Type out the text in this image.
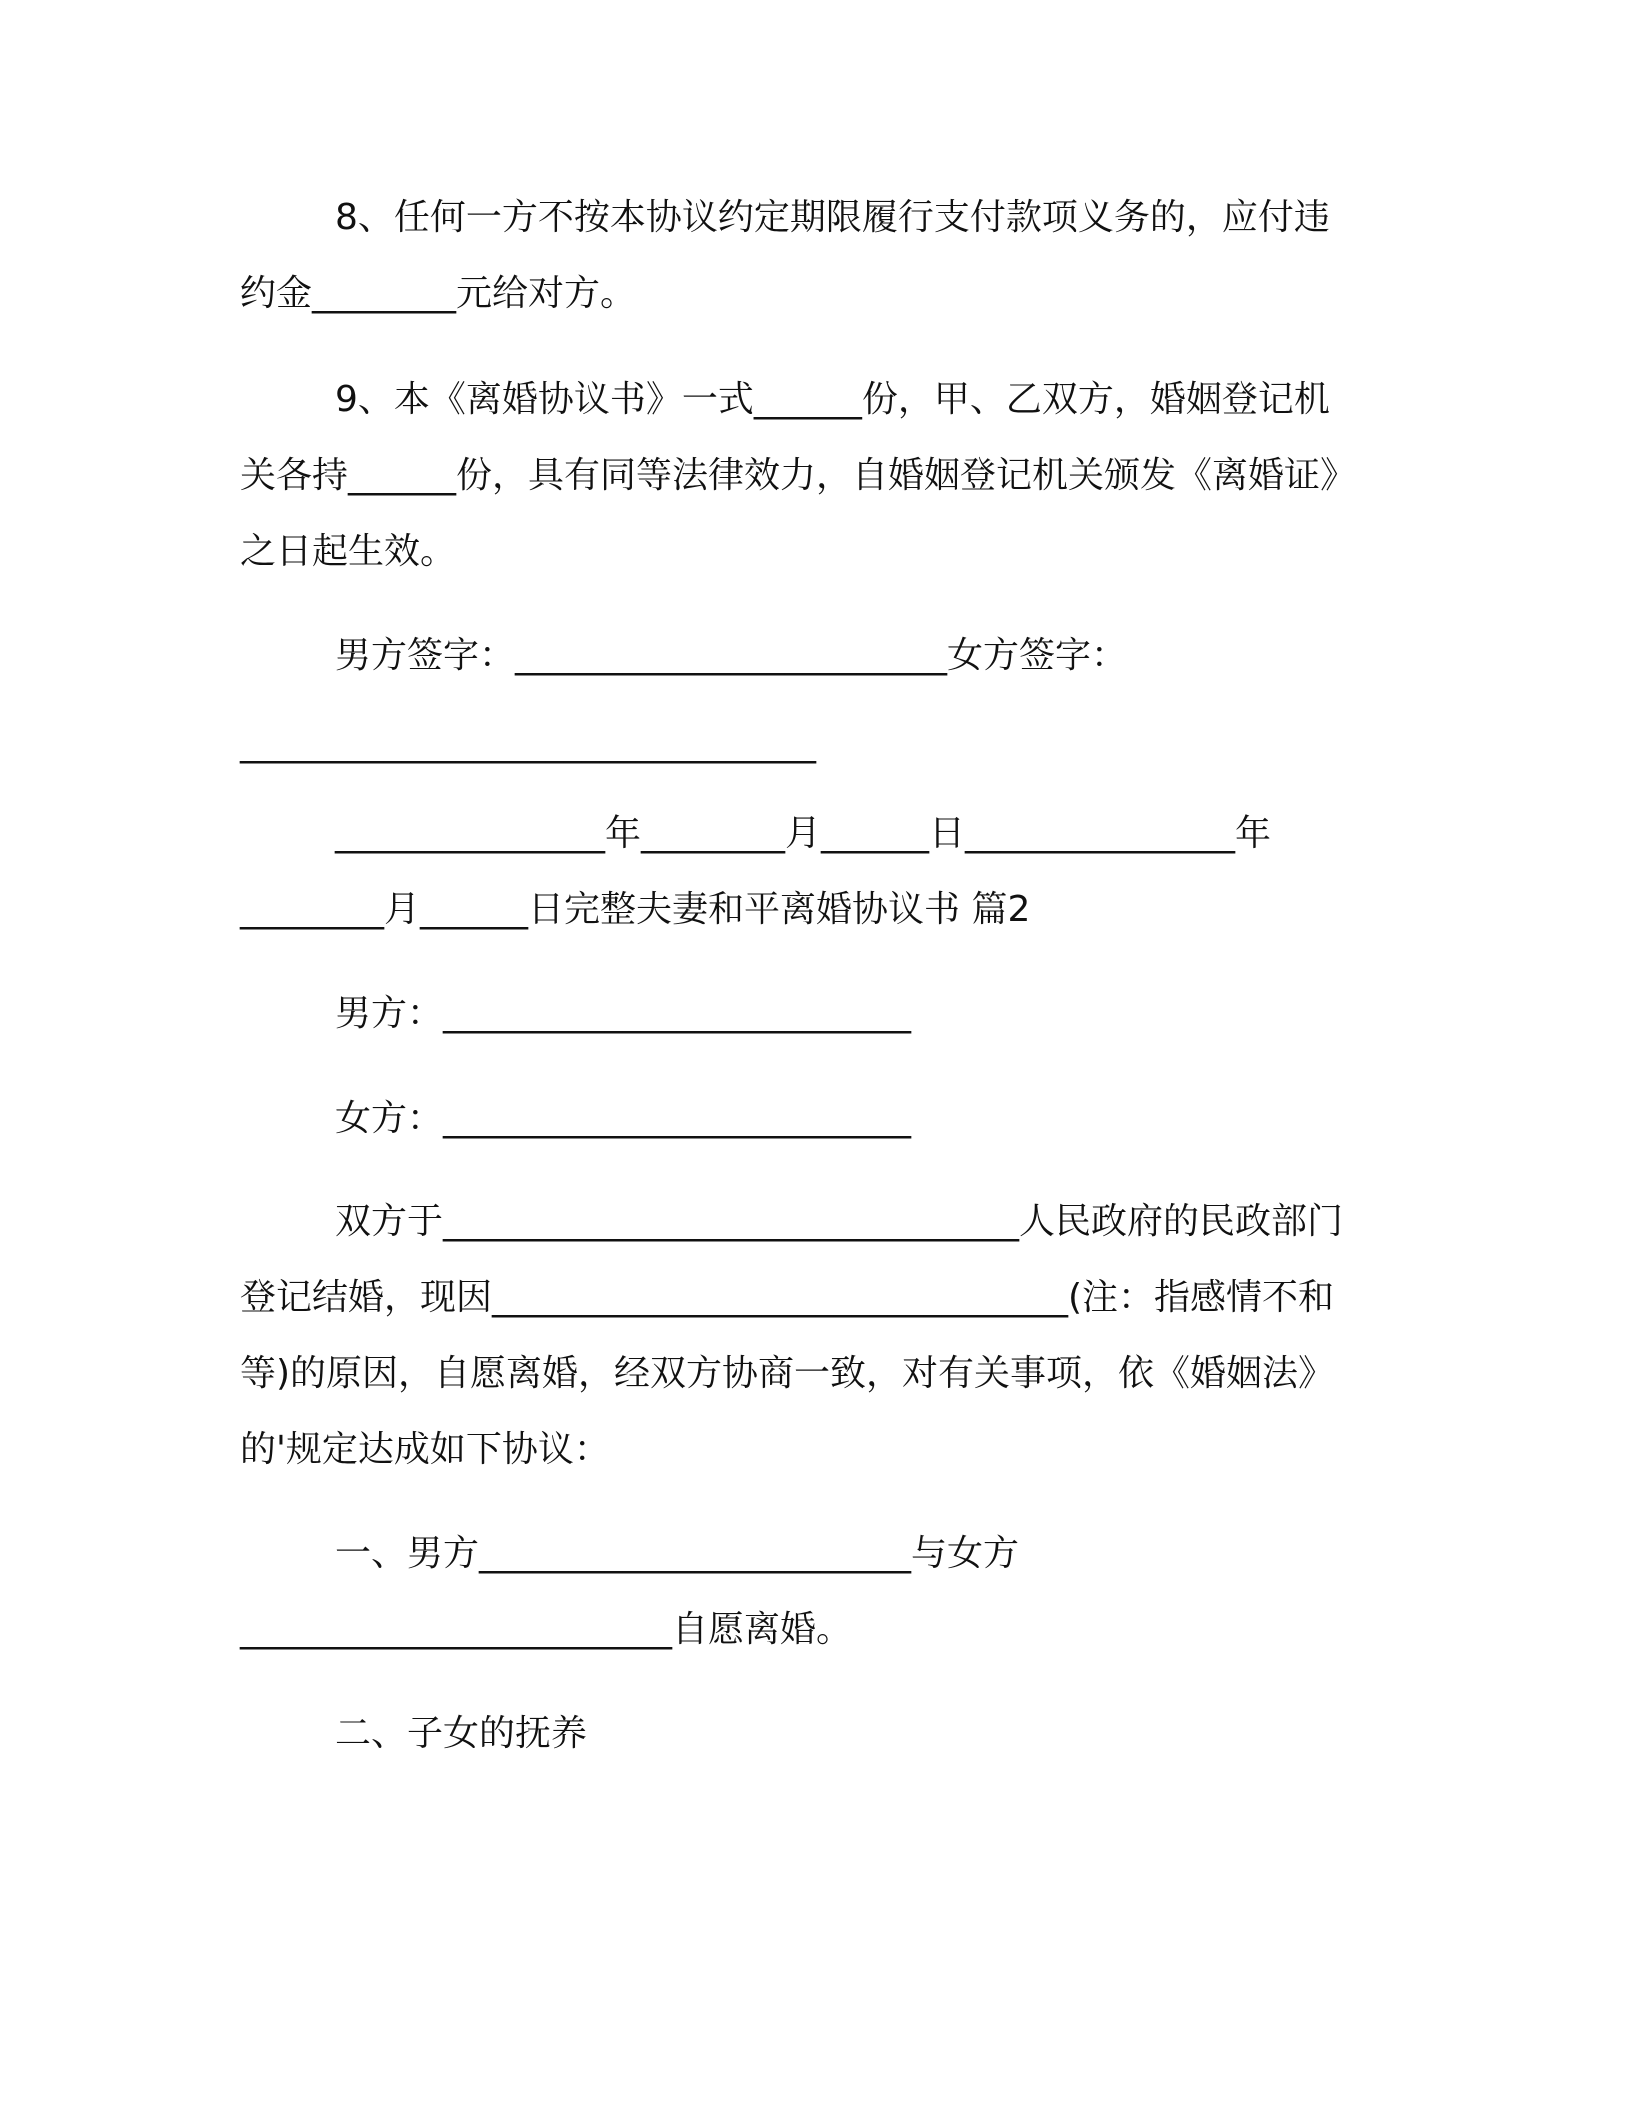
8、任何一方不按本协议约定期限履行支付款项义务的，应付违
约金________元给对方。
9、本《离婚协议书》一式______份，甲、乙双方，婚姻登记机
关各持______份，具有同等法律效力，自婚姻登记机关颁发《离婚证》
之日起生效。
男方签字：________________________女方签字：
________________________________
_______________年________月______日_______________年
________月______日完整夫妻和平离婚协议书 篇2
男方：__________________________
女方：__________________________
双方于________________________________人民政府的民政部门
登记结婚，现因________________________________(注：指感情不和
等)的原因，自愿离婚，经双方协商一致，对有关事项，依《婚姻法》
的'规定达成如下协议：
一、男方________________________与女方
________________________自愿离婚。
二、子女的抚养
